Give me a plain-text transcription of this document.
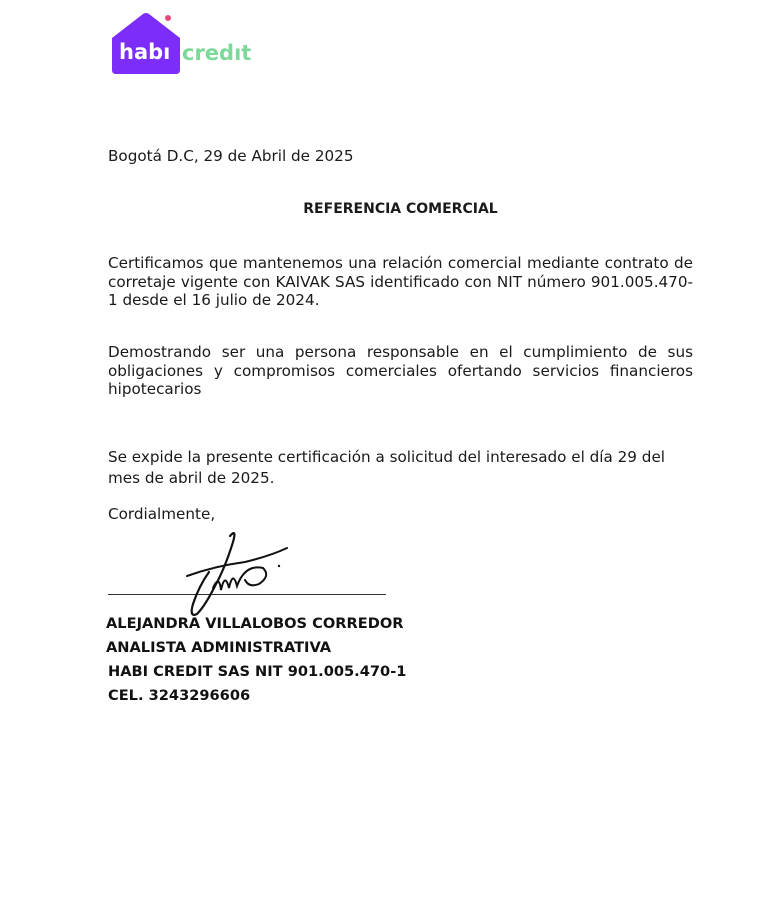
habı credıt

Bogotá D.C, 29 de Abril de 2025

REFERENCIA COMERCIAL

Certificamos que mantenemos una relación comercial mediante contrato de corretaje vigente con KAIVAK SAS identificado con NIT número 901.005.470-1 desde el 16 julio de 2024.

Demostrando ser una persona responsable en el cumplimiento de sus obligaciones y compromisos comerciales ofertando servicios financieros hipotecarios

Se expide la presente certificación a solicitud del interesado el día 29 del mes de abril de 2025.

Cordialmente,

ALEJANDRA VILLALOBOS CORREDOR
ANALISTA ADMINISTRATIVA
HABI CREDIT SAS NIT 901.005.470-1
CEL. 3243296606
